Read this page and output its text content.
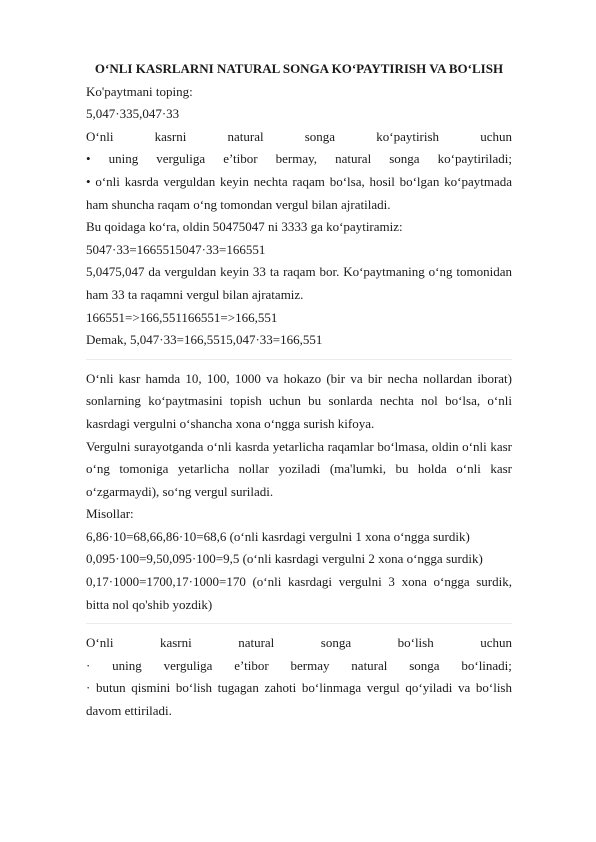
O‘NLI KASRLARNI NATURAL SONGA KO‘PAYTIRISH VA BO‘LISH

Ko'paytmani toping:

5,047·335,047·33

O‘nli	kasrni	natural	songa	ko‘paytirish	uchun

• uning verguliga e’tibor bermay, natural songa ko‘paytiriladi;

• o‘nli kasrda verguldan keyin nechta raqam bo‘lsa, hosil bo‘lgan ko‘paytmada ham shuncha raqam o‘ng tomondan vergul bilan ajratiladi.

Bu qoidaga ko‘ra, oldin 50475047 ni 3333 ga ko‘paytiramiz:

5047·33=1665515047·33=166551

5,0475,047 da verguldan keyin 33 ta raqam bor. Ko‘paytmaning o‘ng tomonidan ham 33 ta raqamni vergul bilan ajratamiz.

166551=>166,551166551=>166,551

Demak, 5,047·33=166,5515,047·33=166,551

O‘nli kasr hamda 10, 100, 1000 va hokazo (bir va bir necha nollardan iborat) sonlarning ko‘paytmasini topish uchun bu sonlarda nechta nol bo‘lsa, o‘nli kasrdagi vergulni o‘shancha xona o‘ngga surish kifoya.

Vergulni surayotganda o‘nli kasrda yetarlicha raqamlar bo‘lmasa, oldin o‘nli kasr o‘ng tomoniga yetarlicha nollar yoziladi (ma'lumki, bu holda o‘nli kasr o‘zgarmaydi), so‘ng vergul suriladi.

Misollar:

6,86·10=68,66,86·10=68,6 (o‘nli kasrdagi vergulni 1 xona o‘ngga surdik)

0,095·100=9,50,095·100=9,5 (o‘nli kasrdagi vergulni 2 xona o‘ngga surdik)

0,17·1000=1700,17·1000=170 (o‘nli kasrdagi vergulni 3 xona o‘ngga surdik, bitta nol qo'shib yozdik)

O‘nli	kasrni	natural	songa	bo‘lish	uchun

· uning verguliga e’tibor bermay natural songa bo‘linadi;

· butun qismini bo‘lish tugagan zahoti bo‘linmaga vergul qo‘yiladi va bo‘lish davom ettiriladi.
